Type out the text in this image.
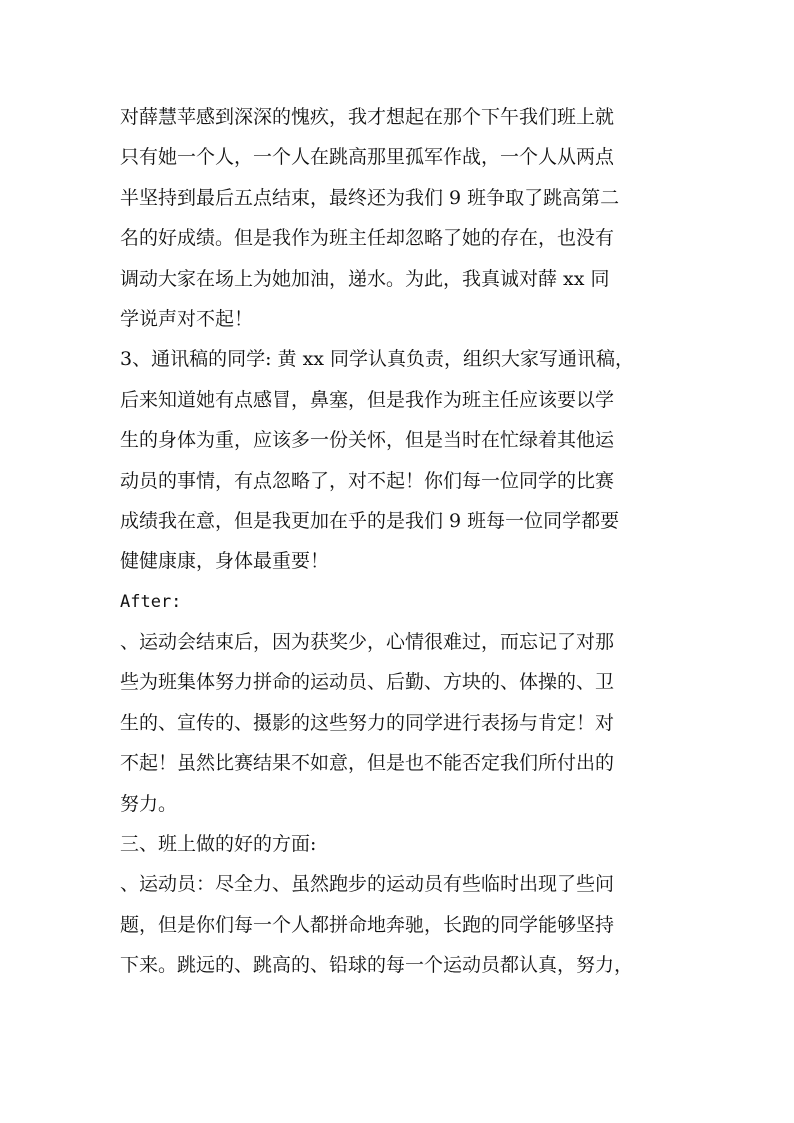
对薛慧苹感到深深的愧疚，我才想起在那个下午我们班上就
只有她一个人，一个人在跳高那里孤军作战，一个人从两点
半坚持到最后五点结束，最终还为我们 9 班争取了跳高第二
名的好成绩。但是我作为班主任却忽略了她的存在，也没有
调动大家在场上为她加油，递水。为此，我真诚对薛 xx 同
学说声对不起！
3、通讯稿的同学: 黄 xx 同学认真负责，组织大家写通讯稿，
后来知道她有点感冒，鼻塞，但是我作为班主任应该要以学
生的身体为重，应该多一份关怀，但是当时在忙绿着其他运
动员的事情，有点忽略了，对不起！你们每一位同学的比赛
成绩我在意，但是我更加在乎的是我们 9 班每一位同学都要
健健康康，身体最重要！
After:
、运动会结束后，因为获奖少，心情很难过，而忘记了对那
些为班集体努力拼命的运动员、后勤、方块的、体操的、卫
生的、宣传的、摄影的这些努力的同学进行表扬与肯定！对
不起！虽然比赛结果不如意，但是也不能否定我们所付出的
努力。
三、班上做的好的方面:
、运动员：尽全力、虽然跑步的运动员有些临时出现了些问
题，但是你们每一个人都拼命地奔驰，长跑的同学能够坚持
下来。跳远的、跳高的、铅球的每一个运动员都认真，努力，
